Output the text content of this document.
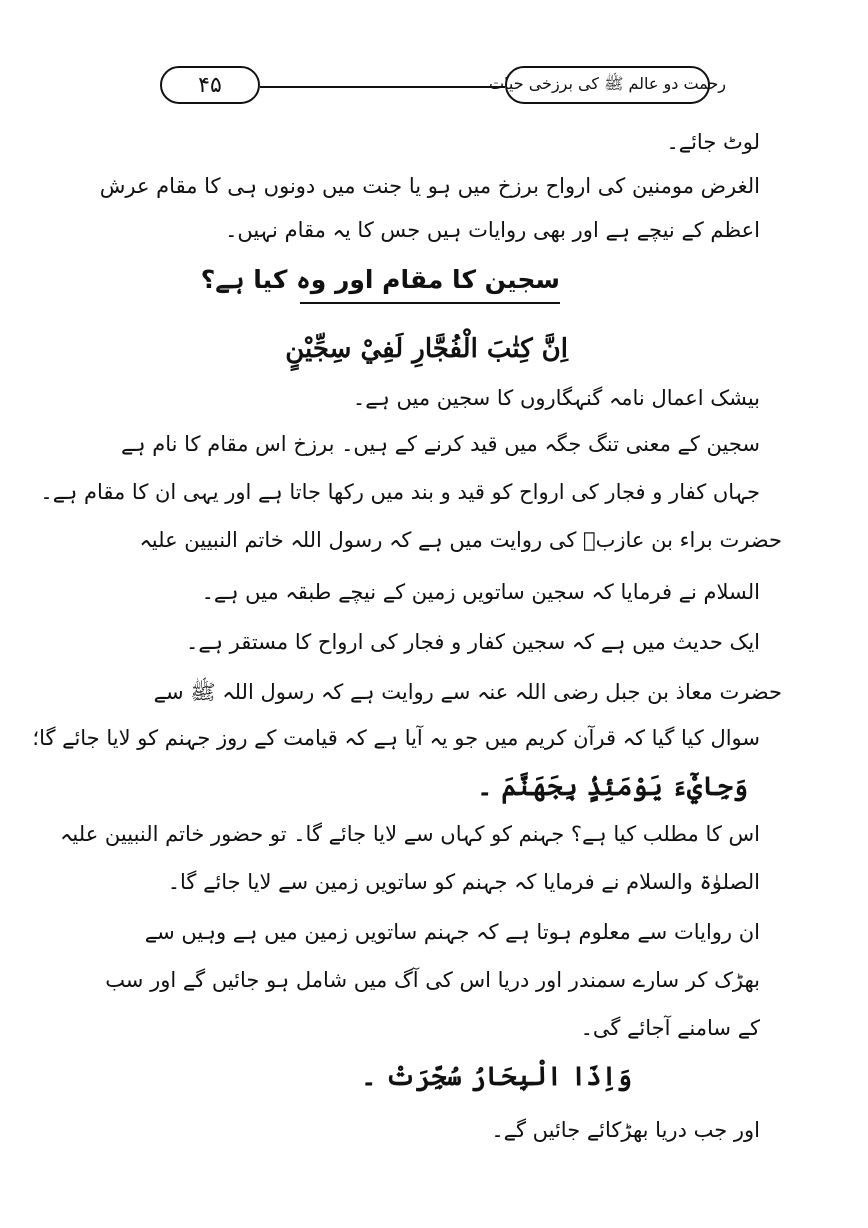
۴۵	رحمت دو عالم ﷺ کی برزخی حیات
لوٹ جائے۔
الغرض مومنین کی ارواح برزخ میں ہو یا جنت میں دونوں ہی کا مقام عرش
اعظم کے نیچے ہے اور بھی روایات ہیں جس کا یہ مقام نہیں۔
سجین کا مقام اور وہ کیا ہے؟
اِنَّ كِتٰبَ الْفُجَّارِ لَفِيْ سِجِّيْنٍ
بیشک اعمال نامہ گنہگاروں کا سجین میں ہے۔
سجین کے معنی تنگ جگہ میں قید کرنے کے ہیں۔ برزخ اس مقام کا نام ہے
جہاں کفار و فجار کی ارواح کو قید و بند میں رکھا جاتا ہے اور یہی ان کا مقام ہے۔
حضرت براء بن عازبؓ کی روایت میں ہے کہ رسول اللہ خاتم النبیین علیہ
السلام نے فرمایا کہ سجین ساتویں زمین کے نیچے طبقہ میں ہے۔
ایک حدیث میں ہے کہ سجین کفار و فجار کی ارواح کا مستقر ہے۔
حضرت معاذ بن جبل رضی اللہ عنہ سے روایت ہے کہ رسول اللہ ﷺ سے
سوال کیا گیا کہ قرآن کریم میں جو یہ آیا ہے کہ قیامت کے روز جہنم کو لایا جائے گا؛
وَجِايْٓءَ يَوْمَئِذٍۢ بِجَهَنَّمَ ۔
اس کا مطلب کیا ہے؟ جہنم کو کہاں سے لایا جائے گا۔ تو حضور خاتم النبیین علیہ
الصلوٰۃ والسلام نے فرمایا کہ جہنم کو ساتویں زمین سے لایا جائے گا۔
ان روایات سے معلوم ہوتا ہے کہ جہنم ساتویں زمین میں ہے وہیں سے
بھڑک کر سارے سمندر اور دریا اس کی آگ میں شامل ہو جائیں گے اور سب
کے سامنے آجائے گی۔
وَاِذَا الْبِحَارُ سُجِّرَتْ ۔
اور جب دریا بھڑکائے جائیں گے۔
